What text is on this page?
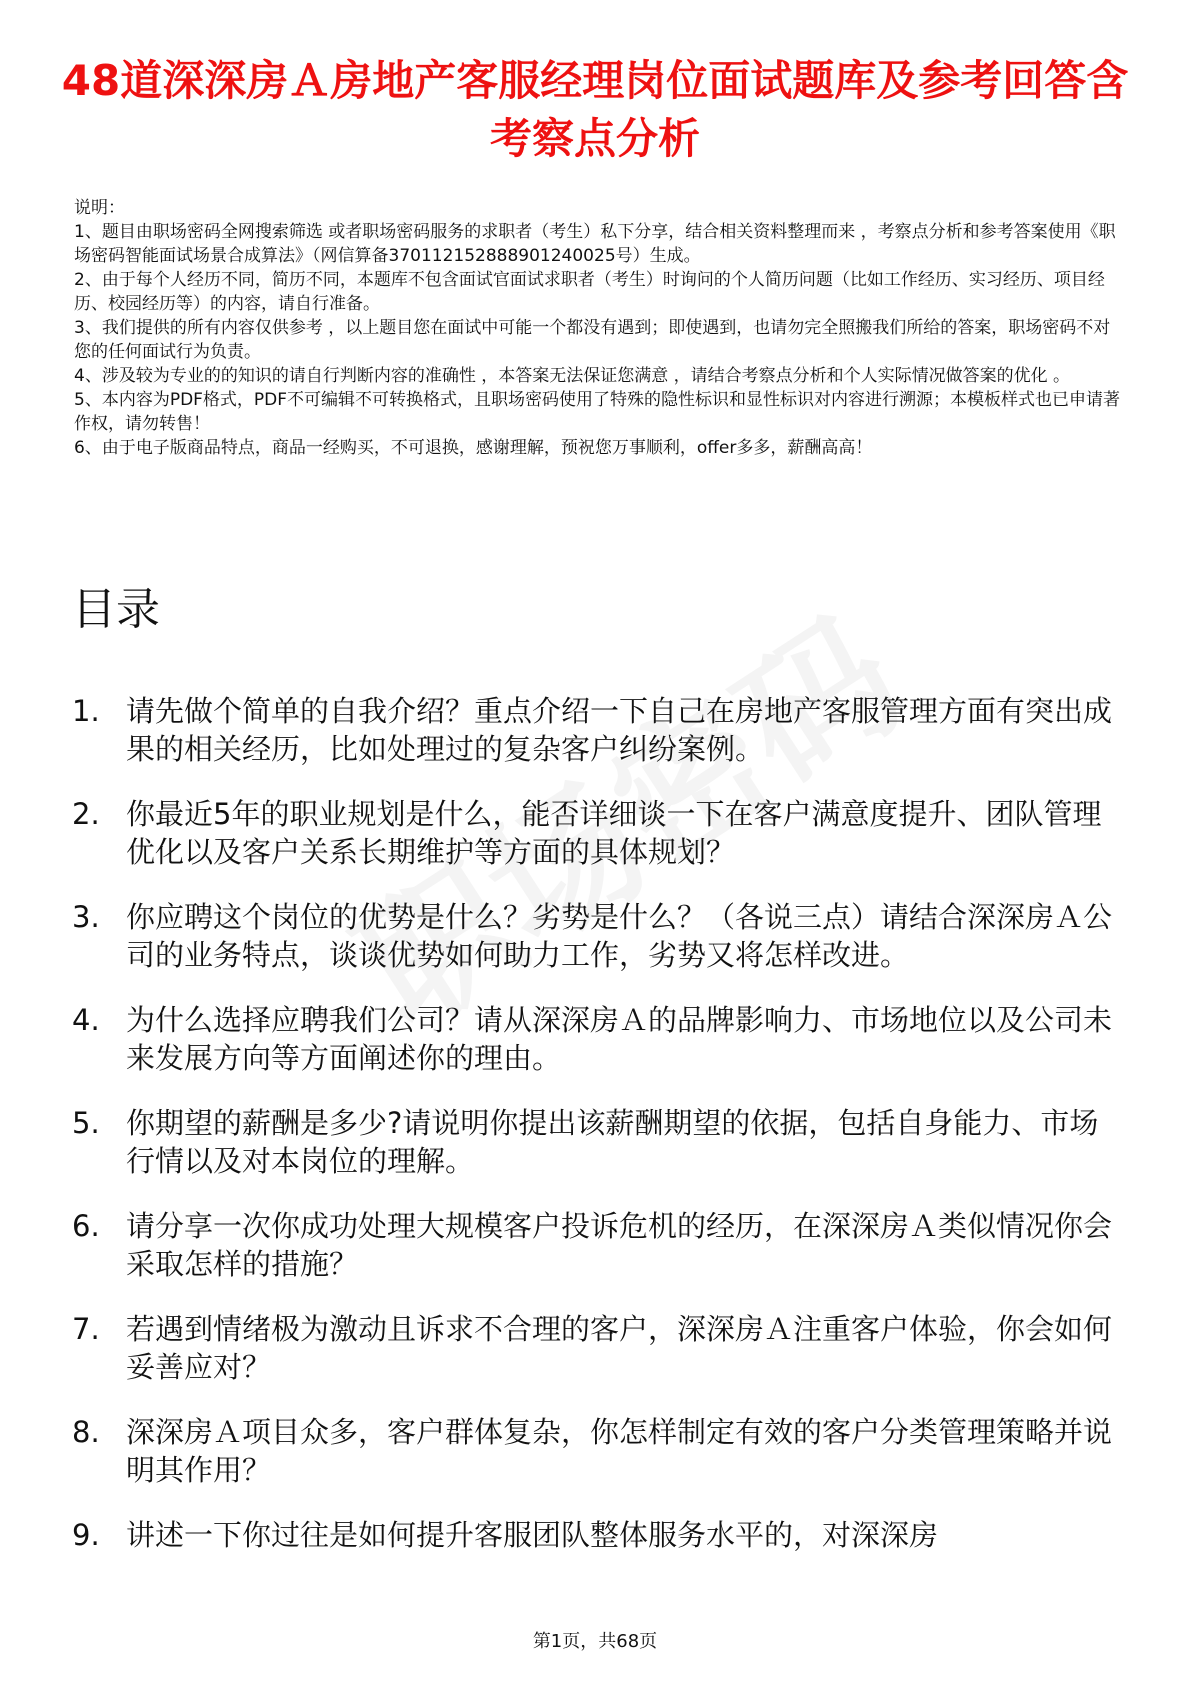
48道深深房Ａ房地产客服经理岗位面试题库及参考回答含考察点分析

说明：

1、题目由职场密码全网搜索筛选 或者职场密码服务的求职者（考生）私下分享，结合相关资料整理而来 ，考察点分析和参考答案使用《职场密码智能面试场景合成算法》（网信算备370112152888901240025号）生成。

2、由于每个人经历不同，简历不同，本题库不包含面试官面试求职者（考生）时询问的个人简历问题（比如工作经历、实习经历、项目经历、校园经历等）的内容，请自行准备。

3、我们提供的所有内容仅供参考 ，以上题目您在面试中可能一个都没有遇到；即使遇到，也请勿完全照搬我们所给的答案，职场密码不对您的任何面试行为负责。

4、涉及较为专业的的知识的请自行判断内容的准确性 ，本答案无法保证您满意 ，请结合考察点分析和个人实际情况做答案的优化 。

5、本内容为PDF格式，PDF不可编辑不可转换格式，且职场密码使用了特殊的隐性标识和显性标识对内容进行溯源；本模板样式也已申请著作权，请勿转售！

6、由于电子版商品特点，商品一经购买，不可退换，感谢理解，预祝您万事顺利，offer多多，薪酬高高！

目录
1. 请先做个简单的自我介绍？重点介绍一下自己在房地产客服管理方面有突出成果的相关经历，比如处理过的复杂客户纠纷案例。
2. 你最近5年的职业规划是什么，能否详细谈一下在客户满意度提升、团队管理优化以及客户关系长期维护等方面的具体规划？
3. 你应聘这个岗位的优势是什么？劣势是什么？（各说三点）请结合深深房Ａ公司的业务特点，谈谈优势如何助力工作，劣势又将怎样改进。
4. 为什么选择应聘我们公司？请从深深房Ａ的品牌影响力、市场地位以及公司未来发展方向等方面阐述你的理由。
5. 你期望的薪酬是多少?请说明你提出该薪酬期望的依据，包括自身能力、市场行情以及对本岗位的理解。
6. 请分享一次你成功处理大规模客户投诉危机的经历，在深深房Ａ类似情况你会采取怎样的措施？
7. 若遇到情绪极为激动且诉求不合理的客户，深深房Ａ注重客户体验，你会如何妥善应对？
8. 深深房Ａ项目众多，客户群体复杂，你怎样制定有效的客户分类管理策略并说明其作用？
9. 讲述一下你过往是如何提升客服团队整体服务水平的，对深深房
第1页，共68页
